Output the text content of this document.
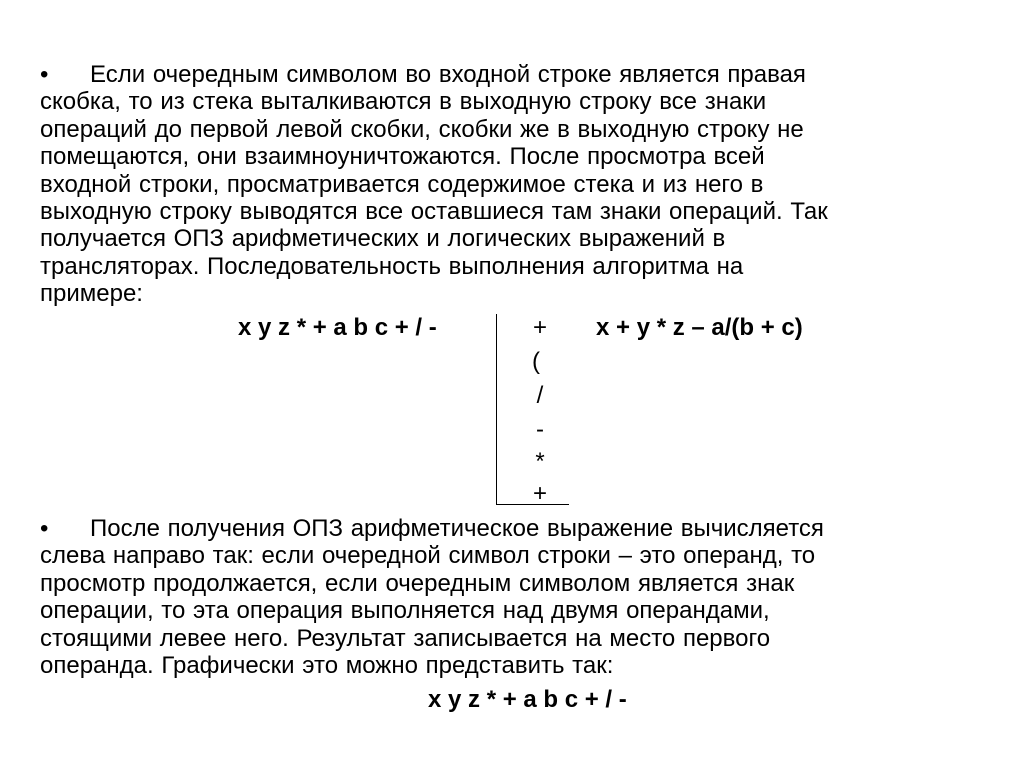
• Если очередным символом во входной строке является правая
скобка, то из стека выталкиваются в выходную строку все знаки
операций до первой левой скобки, скобки же в выходную строку не
помещаются, они взаимноуничтожаются. После просмотра всей
входной строки, просматривается содержимое стека и из него в
выходную строку выводятся все оставшиеся там знаки операций. Так
получается ОПЗ арифметических и логических выражений в
трансляторах. Последовательность выполнения алгоритма на
примере:
x y z * + a b c + / -	+
(
/
-
*
+
x + y * z – a/(b + c)
• После получения ОПЗ арифметическое выражение вычисляется
слева направо так: если очередной символ строки – это операнд, то
просмотр продолжается, если очередным символом является знак
операции, то эта операция выполняется над двумя операндами,
стоящими левее него. Результат записывается на место первого
операнда. Графически это можно представить так:
x y z * + a b c + / -
